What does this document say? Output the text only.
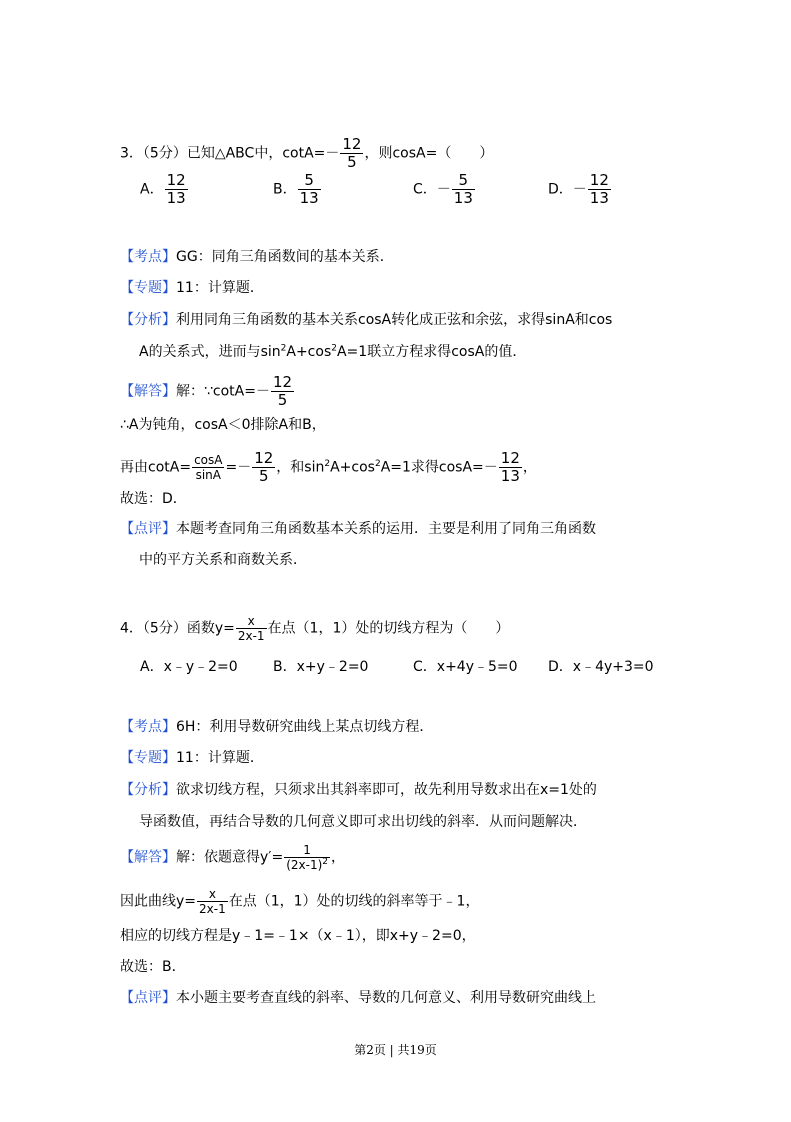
3．（5分）已知△ABC中，$\cot A=- \frac{12}{5}$ ，则cosA=（　　）
A． $\frac{12}{13}$	B． $\frac{5}{13}$	C．－ $\frac{5}{13}$	D．－ $\frac{12}{13}$
【考点】GG：同角三角函数间的基本关系．
【专题】11：计算题．
【分析】利用同角三角函数的基本关系cosA转化成正弦和余弦，求得sinA和cos
A的关系式，进而与$\sin^2A+\cos^2A=1$联立方程求得cosA的值．
【解答】解：∵cotA=－ $\frac{12}{5}$
∴A为钝角，cosA＜0排除A和B，
再由$\cot A= \frac{\cos A}{\sin A} =- \frac{12}{5}$ ，和$\sin^2A+\cos^2A=1$求得$\cos A=- \frac{12}{13}$ ，
故选：D．
【点评】本题考查同角三角函数基本关系的运用．主要是利用了同角三角函数
中的平方关系和商数关系．
4．（5分）函数$y= \frac{x}{2x-1}$ 在点（1，1）处的切线方程为（　　）
A．x﹣y﹣2=0	B．x+y﹣2=0	C．x+4y﹣5=0 D．x﹣4y+3=0
【考点】6H：利用导数研究曲线上某点切线方程．
【专题】11：计算题．
【分析】欲求切线方程，只须求出其斜率即可，故先利用导数求出在x=1处的
导函数值，再结合导数的几何意义即可求出切线的斜率．从而问题解决．
【解答】解：依题意得$y'= \frac{1}{(2x-1)^2}$ ，
因此曲线$y= \frac{x}{2x-1}$ 在点（1，1）处的切线的斜率等于﹣1，
相应的切线方程是y﹣1=﹣1×（x﹣1），即x+y﹣2=0，
故选：B．
【点评】本小题主要考查直线的斜率、导数的几何意义、利用导数研究曲线上
第2页 | 共19页
